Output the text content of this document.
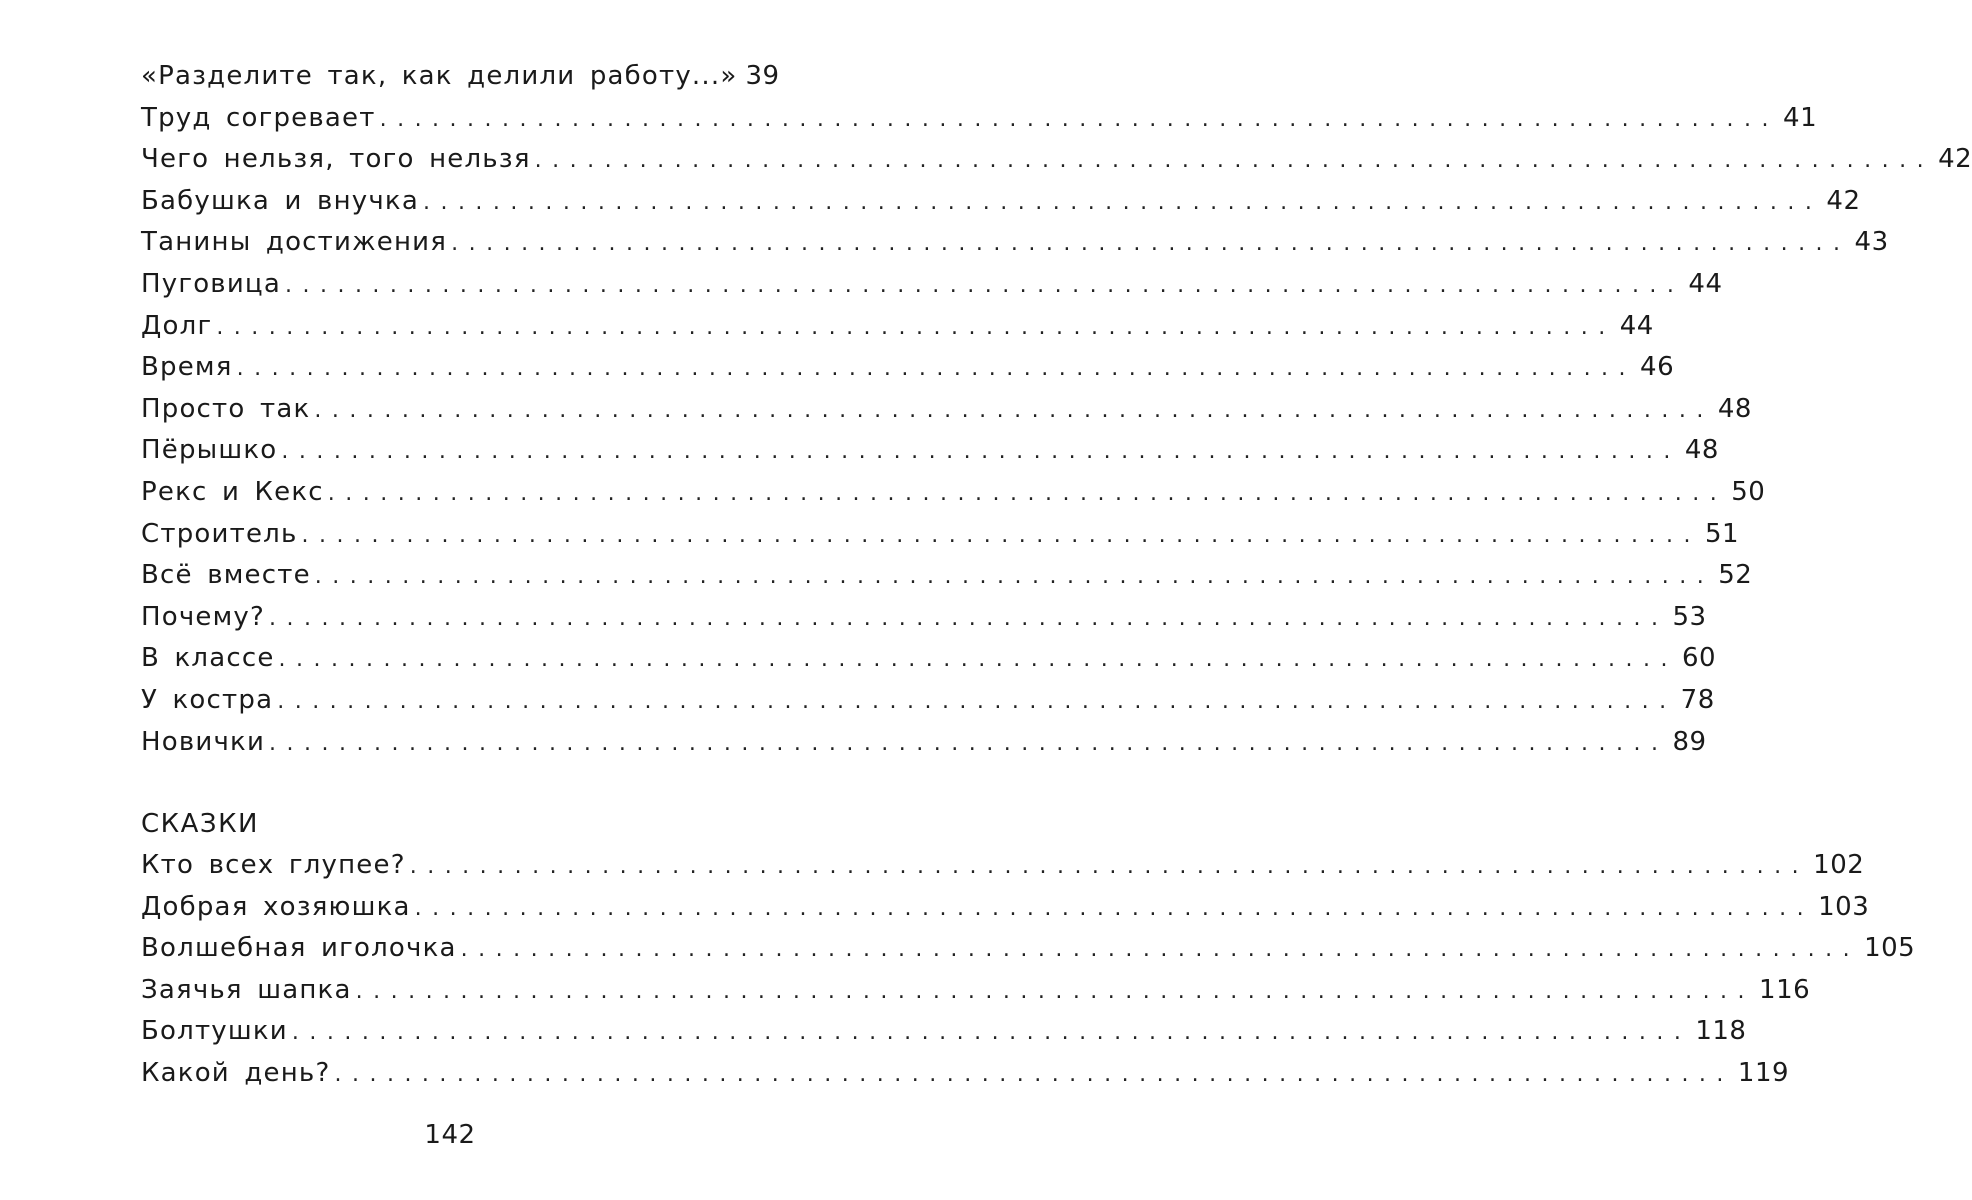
«Разделите так, как делили работу...» 39
Труд согревает ................................................................................ 41
Чего нельзя, того нельзя ................................................................................ 42
Бабушка и внучка ................................................................................ 42
Танины достижения ................................................................................ 43
Пуговица ................................................................................ 44
Долг ................................................................................ 44
Время ................................................................................ 46
Просто так ................................................................................ 48
Пёрышко ................................................................................ 48
Рекс и Кекс ................................................................................ 50
Строитель ................................................................................ 51
Всё вместе ................................................................................ 52
Почему? ................................................................................ 53
В классе ................................................................................ 60
У костра ................................................................................ 78
Новички ................................................................................ 89
СКАЗКИ
Кто всех глупее? ................................................................................ 102
Добрая хозяюшка ................................................................................ 103
Волшебная иголочка ................................................................................ 105
Заячья шапка ................................................................................ 116
Болтушки ................................................................................ 118
Какой день? ................................................................................ 119
142
